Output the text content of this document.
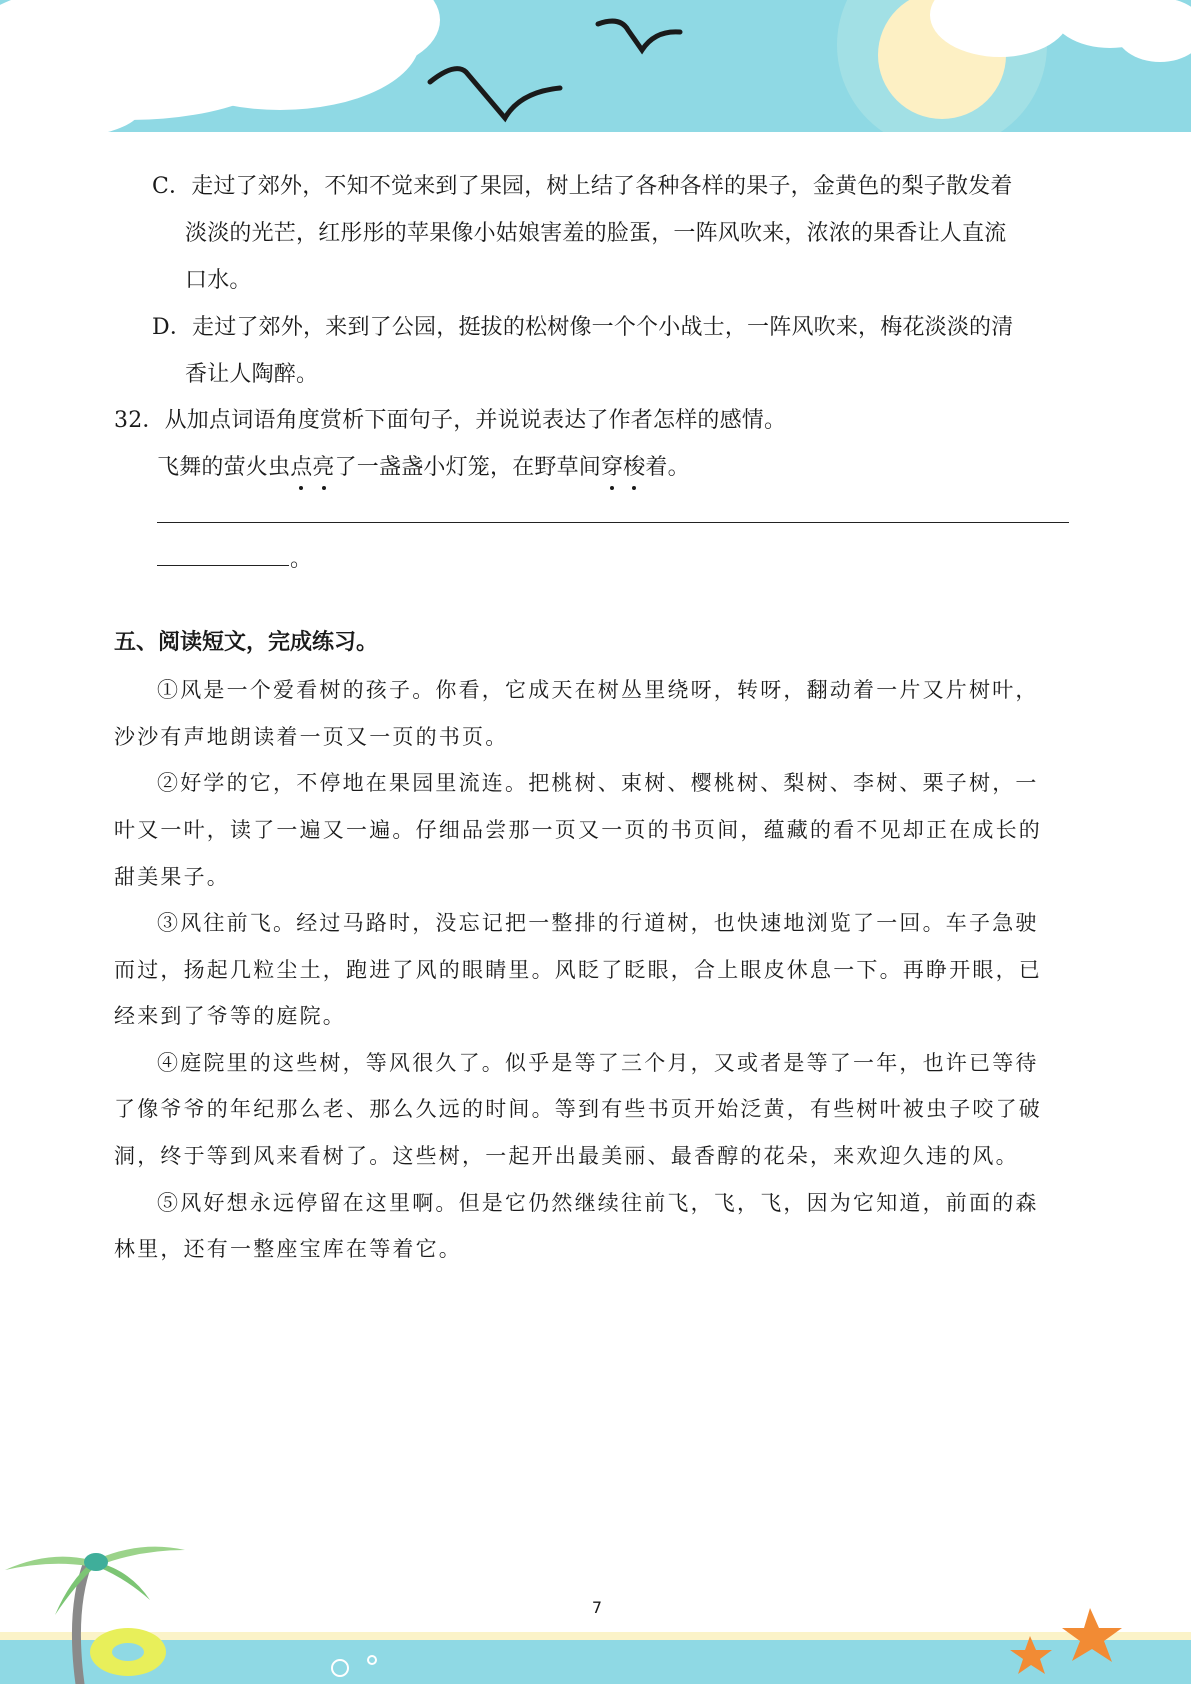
C．走过了郊外，不知不觉来到了果园，树上结了各种各样的果子，金黄色的梨子散发着
淡淡的光芒，红彤彤的苹果像小姑娘害羞的脸蛋，一阵风吹来，浓浓的果香让人直流
口水。
D．走过了郊外，来到了公园，挺拔的松树像一个个小战士，一阵风吹来，梅花淡淡的清
香让人陶醉。
32．从加点词语角度赏析下面句子，并说说表达了作者怎样的感情。
飞舞的萤火虫点亮了一盏盏小灯笼，在野草间穿梭着。
。
五、阅读短文，完成练习。
①风是一个爱看树的孩子。你看，它成天在树丛里绕呀，转呀，翻动着一片又片树叶，
沙沙有声地朗读着一页又一页的书页。
②好学的它，不停地在果园里流连。把桃树、束树、樱桃树、梨树、李树、栗子树，一
叶又一叶，读了一遍又一遍。仔细品尝那一页又一页的书页间，蕴藏的看不见却正在成长的
甜美果子。
③风往前飞。经过马路时，没忘记把一整排的行道树，也快速地浏览了一回。车子急驶
而过，扬起几粒尘土，跑进了风的眼睛里。风眨了眨眼，合上眼皮休息一下。再睁开眼，已
经来到了爷等的庭院。
④庭院里的这些树，等风很久了。似乎是等了三个月，又或者是等了一年，也许已等待
了像爷爷的年纪那么老、那么久远的时间。等到有些书页开始泛黄，有些树叶被虫子咬了破
洞，终于等到风来看树了。这些树，一起开出最美丽、最香醇的花朵，来欢迎久违的风。
⑤风好想永远停留在这里啊。但是它仍然继续往前飞，飞，飞，因为它知道，前面的森
林里，还有一整座宝库在等着它。
7
